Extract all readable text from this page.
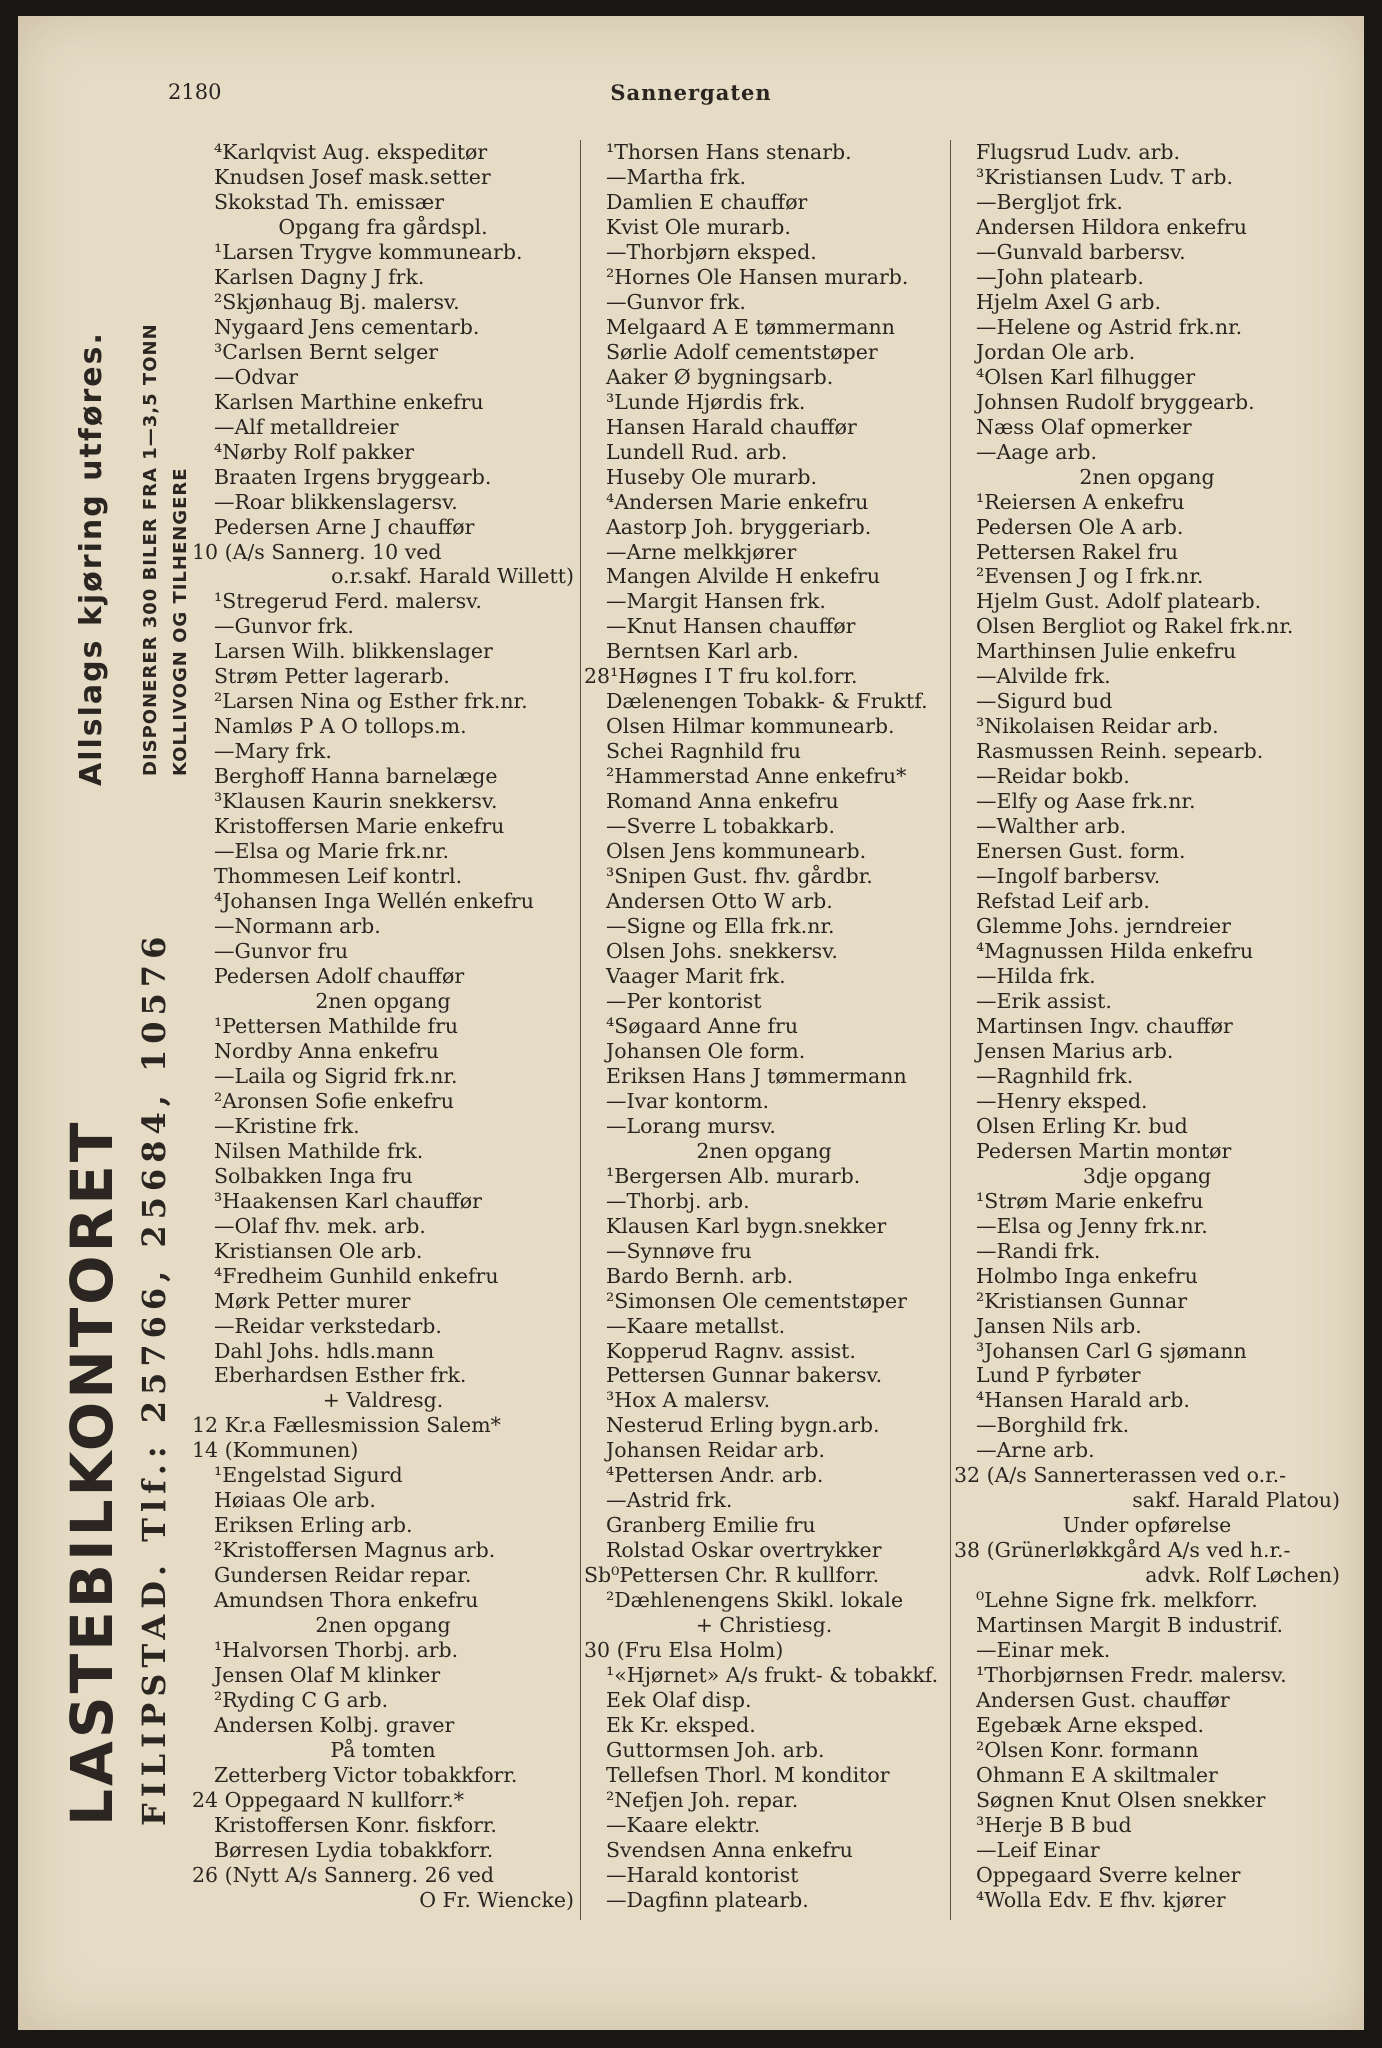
2180	Sannergaten
LASTEBILKONTORET
Allslags kjøring utføres.
FILIPSTAD. Tlf.: 25766, 25684, 10576
DISPONERER 300 BILER FRA 1—3,5 TONN KOLLIVOGN OG TILHENGERE
⁴Karlqvist Aug. ekspeditør
Knudsen Josef mask.setter
Skokstad Th. emissær
Opgang fra gårdspl.
¹Larsen Trygve kommunearb.
Karlsen Dagny J frk.
²Skjønhaug Bj. malersv.
Nygaard Jens cementarb.
³Carlsen Bernt selger
—Odvar
Karlsen Marthine enkefru
—Alf metalldreier
⁴Nørby Rolf pakker
Braaten Irgens bryggearb.
—Roar blikkenslagersv.
Pedersen Arne J chauffør
10 (A/s Sannerg. 10 ved
o.r.sakf. Harald Willett)
¹Stregerud Ferd. malersv.
—Gunvor frk.
Larsen Wilh. blikkenslager
Strøm Petter lagerarb.
²Larsen Nina og Esther frk.nr.
Namløs P A O tollops.m.
—Mary frk.
Berghoff Hanna barnelæge
³Klausen Kaurin snekkersv.
Kristoffersen Marie enkefru
—Elsa og Marie frk.nr.
Thommesen Leif kontrl.
⁴Johansen Inga Wellén enkefru
—Normann arb.
—Gunvor fru
Pedersen Adolf chauffør
2nen opgang
¹Pettersen Mathilde fru
Nordby Anna enkefru
—Laila og Sigrid frk.nr.
²Aronsen Sofie enkefru
—Kristine frk.
Nilsen Mathilde frk.
Solbakken Inga fru
³Haakensen Karl chauffør
—Olaf fhv. mek. arb.
Kristiansen Ole arb.
⁴Fredheim Gunhild enkefru
Mørk Petter murer
—Reidar verkstedarb.
Dahl Johs. hdls.mann
Eberhardsen Esther frk.
+ Valdresg.
12 Kr.a Fællesmission Salem*
14 (Kommunen)
¹Engelstad Sigurd
Høiaas Ole arb.
Eriksen Erling arb.
²Kristoffersen Magnus arb.
Gundersen Reidar repar.
Amundsen Thora enkefru
2nen opgang
¹Halvorsen Thorbj. arb.
Jensen Olaf M klinker
²Ryding C G arb.
Andersen Kolbj. graver
På tomten
Zetterberg Victor tobakkforr.
24 Oppegaard N kullforr.*
Kristoffersen Konr. fiskforr.
Børresen Lydia tobakkforr.
26 (Nytt A/s Sannerg. 26 ved
O Fr. Wiencke)
¹Thorsen Hans stenarb.
—Martha frk.
Damlien E chauffør
Kvist Ole murarb.
—Thorbjørn eksped.
²Hornes Ole Hansen murarb.
—Gunvor frk.
Melgaard A E tømmermann
Sørlie Adolf cementstøper
Aaker Ø bygningsarb.
³Lunde Hjørdis frk.
Hansen Harald chauffør
Lundell Rud. arb.
Huseby Ole murarb.
⁴Andersen Marie enkefru
Aastorp Joh. bryggeriarb.
—Arne melkkjører
Mangen Alvilde H enkefru
—Margit Hansen frk.
—Knut Hansen chauffør
Berntsen Karl arb.
28¹Høgnes I T fru kol.forr.
Dælenengen Tobakk- & Fruktf.
Olsen Hilmar kommunearb.
Schei Ragnhild fru
²Hammerstad Anne enkefru*
Romand Anna enkefru
—Sverre L tobakkarb.
Olsen Jens kommunearb.
³Snipen Gust. fhv. gårdbr.
Andersen Otto W arb.
—Signe og Ella frk.nr.
Olsen Johs. snekkersv.
Vaager Marit frk.
—Per kontorist
⁴Søgaard Anne fru
Johansen Ole form.
Eriksen Hans J tømmermann
—Ivar kontorm.
—Lorang mursv.
2nen opgang
¹Bergersen Alb. murarb.
—Thorbj. arb.
Klausen Karl bygn.snekker
—Synnøve fru
Bardo Bernh. arb.
²Simonsen Ole cementstøper
—Kaare metallst.
Kopperud Ragnv. assist.
Pettersen Gunnar bakersv.
³Hox A malersv.
Nesterud Erling bygn.arb.
Johansen Reidar arb.
⁴Pettersen Andr. arb.
—Astrid frk.
Granberg Emilie fru
Rolstad Oskar overtrykker
Sb⁰Pettersen Chr. R kullforr.
²Dæhlenengens Skikl. lokale
+ Christiesg.
30 (Fru Elsa Holm)
¹«Hjørnet» A/s frukt- & tobakkf.
Eek Olaf disp.
Ek Kr. eksped.
Guttormsen Joh. arb.
Tellefsen Thorl. M konditor
²Nefjen Joh. repar.
—Kaare elektr.
Svendsen Anna enkefru
—Harald kontorist
—Dagfinn platearb.
Flugsrud Ludv. arb.
³Kristiansen Ludv. T arb.
—Bergljot frk.
Andersen Hildora enkefru
—Gunvald barbersv.
—John platearb.
Hjelm Axel G arb.
—Helene og Astrid frk.nr.
Jordan Ole arb.
⁴Olsen Karl filhugger
Johnsen Rudolf bryggearb.
Næss Olaf opmerker
—Aage arb.
2nen opgang
¹Reiersen A enkefru
Pedersen Ole A arb.
Pettersen Rakel fru
²Evensen J og I frk.nr.
Hjelm Gust. Adolf platearb.
Olsen Bergliot og Rakel frk.nr.
Marthinsen Julie enkefru
—Alvilde frk.
—Sigurd bud
³Nikolaisen Reidar arb.
Rasmussen Reinh. sepearb.
—Reidar bokb.
—Elfy og Aase frk.nr.
—Walther arb.
Enersen Gust. form.
—Ingolf barbersv.
Refstad Leif arb.
Glemme Johs. jerndreier
⁴Magnussen Hilda enkefru
—Hilda frk.
—Erik assist.
Martinsen Ingv. chauffør
Jensen Marius arb.
—Ragnhild frk.
—Henry eksped.
Olsen Erling Kr. bud
Pedersen Martin montør
3dje opgang
¹Strøm Marie enkefru
—Elsa og Jenny frk.nr.
—Randi frk.
Holmbo Inga enkefru
²Kristiansen Gunnar
Jansen Nils arb.
³Johansen Carl G sjømann
Lund P fyrbøter
⁴Hansen Harald arb.
—Borghild frk.
—Arne arb.
32 (A/s Sannerterassen ved o.r.-
sakf. Harald Platou)
Under opførelse
38 (Grünerløkkgård A/s ved h.r.-
advk. Rolf Løchen)
⁰Lehne Signe frk. melkforr.
Martinsen Margit B industrif.
—Einar mek.
¹Thorbjørnsen Fredr. malersv.
Andersen Gust. chauffør
Egebæk Arne eksped.
²Olsen Konr. formann
Ohmann E A skiltmaler
Søgnen Knut Olsen snekker
³Herje B B bud
—Leif Einar
Oppegaard Sverre kelner
⁴Wolla Edv. E fhv. kjører
